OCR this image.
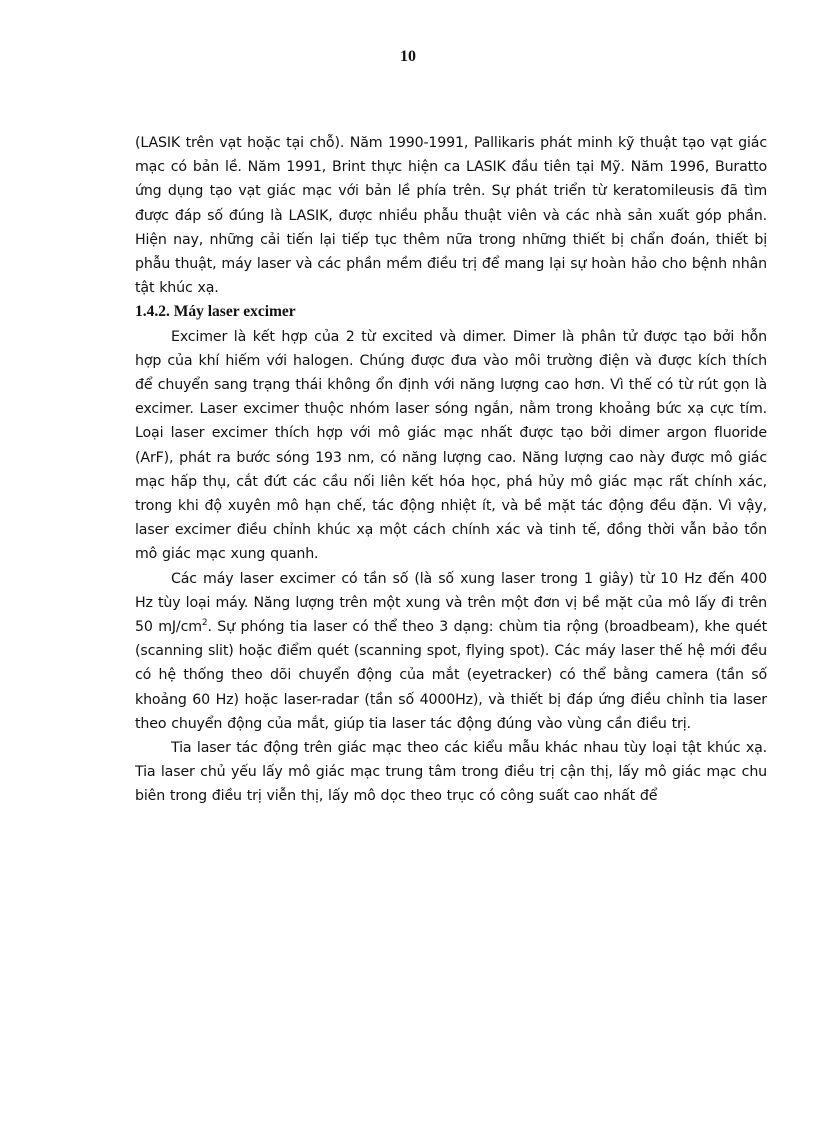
10

(LASIK trên vạt hoặc tại chỗ). Năm 1990-1991, Pallikaris phát minh kỹ thuật tạo vạt giác mạc có bản lề. Năm 1991, Brint thực hiện ca LASIK đầu tiên tại Mỹ. Năm 1996, Buratto ứng dụng tạo vạt giác mạc với bản lề phía trên. Sự phát triển từ keratomileusis đã tìm được đáp số đúng là LASIK, được nhiều phẫu thuật viên và các nhà sản xuất góp phần. Hiện nay, những cải tiến lại tiếp tục thêm nữa trong những thiết bị chẩn đoán, thiết bị phẫu thuật, máy laser và các phần mềm điều trị để mang lại sự hoàn hảo cho bệnh nhân tật khúc xạ.

1.4.2. Máy laser excimer

Excimer là kết hợp của 2 từ excited và dimer. Dimer là phân tử được tạo bởi hỗn hợp của khí hiếm với halogen. Chúng được đưa vào môi trường điện và được kích thích để chuyển sang trạng thái không ổn định với năng lượng cao hơn. Vì thế có từ rút gọn là excimer. Laser excimer thuộc nhóm laser sóng ngắn, nằm trong khoảng bức xạ cực tím. Loại laser excimer thích hợp với mô giác mạc nhất được tạo bởi dimer argon fluoride (ArF), phát ra bước sóng 193 nm, có năng lượng cao. Năng lượng cao này được mô giác mạc hấp thụ, cắt đứt các cầu nối liên kết hóa học, phá hủy mô giác mạc rất chính xác, trong khi độ xuyên mô hạn chế, tác động nhiệt ít, và bề mặt tác động đều đặn. Vì vậy, laser excimer điều chỉnh khúc xạ một cách chính xác và tinh tế, đồng thời vẫn bảo tồn mô giác mạc xung quanh.

Các máy laser excimer có tần số (là số xung laser trong 1 giây) từ 10 Hz đến 400 Hz tùy loại máy. Năng lượng trên một xung và trên một đơn vị bề mặt của mô lấy đi trên 50 $mJ/cm^2$. Sự phóng tia laser có thể theo 3 dạng: chùm tia rộng (broadbeam), khe quét (scanning slit) hoặc điểm quét (scanning spot, flying spot). Các máy laser thế hệ mới đều có hệ thống theo dõi chuyển động của mắt (eyetracker) có thể bằng camera (tần số khoảng 60 Hz) hoặc laser-radar (tần số 4000Hz), và thiết bị đáp ứng điều chỉnh tia laser theo chuyển động của mắt, giúp tia laser tác động đúng vào vùng cần điều trị.

Tia laser tác động trên giác mạc theo các kiểu mẫu khác nhau tùy loại tật khúc xạ. Tia laser chủ yếu lấy mô giác mạc trung tâm trong điều trị cận thị, lấy mô giác mạc chu biên trong điều trị viễn thị, lấy mô dọc theo trục có công suất cao nhất để
